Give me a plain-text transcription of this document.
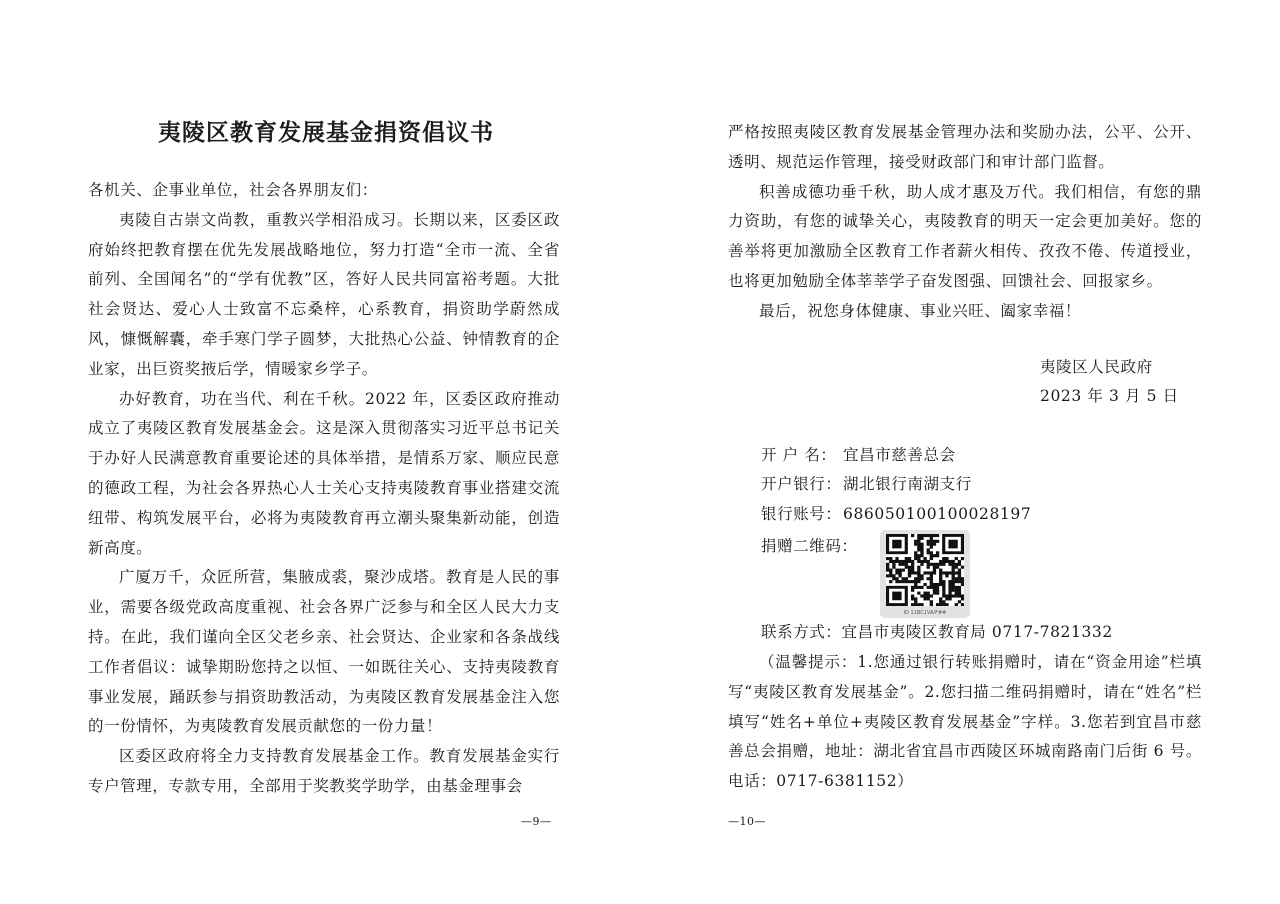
夷陵区教育发展基金捐资倡议书

各机关、企事业单位，社会各界朋友们：

夷陵自古崇文尚教，重教兴学相沿成习。长期以来，区委区政府始终把教育摆在优先发展战略地位，努力打造“全市一流、全省前列、全国闻名”的“学有优教”区，答好人民共同富裕考题。大批社会贤达、爱心人士致富不忘桑梓，心系教育，捐资助学蔚然成风，慷慨解囊，牵手寒门学子圆梦，大批热心公益、钟情教育的企业家，出巨资奖掖后学，情暖家乡学子。

办好教育，功在当代、利在千秋。2022 年，区委区政府推动成立了夷陵区教育发展基金会。这是深入贯彻落实习近平总书记关于办好人民满意教育重要论述的具体举措，是情系万家、顺应民意的德政工程，为社会各界热心人士关心支持夷陵教育事业搭建交流纽带、构筑发展平台，必将为夷陵教育再立潮头聚集新动能，创造新高度。

广厦万千，众匠所营，集腋成裘，聚沙成塔。教育是人民的事业，需要各级党政高度重视、社会各界广泛参与和全区人民大力支持。在此，我们谨向全区父老乡亲、社会贤达、企业家和各条战线工作者倡议：诚挚期盼您持之以恒、一如既往关心、支持夷陵教育事业发展，踊跃参与捐资助教活动，为夷陵区教育发展基金注入您的一份情怀，为夷陵教育发展贡献您的一份力量！

区委区政府将全力支持教育发展基金工作。教育发展基金实行专户管理，专款专用，全部用于奖教奖学助学，由基金理事会

—9—

严格按照夷陵区教育发展基金管理办法和奖励办法，公平、公开、透明、规范运作管理，接受财政部门和审计部门监督。

积善成德功垂千秋，助人成才惠及万代。我们相信，有您的鼎力资助，有您的诚挚关心，夷陵教育的明天一定会更加美好。您的善举将更加激励全区教育工作者薪火相传、孜孜不倦、传道授业，也将更加勉励全体莘莘学子奋发图强、回馈社会、回报家乡。

最后，祝您身体健康、事业兴旺、阖家幸福！

夷陵区人民政府
2023 年 3 月 5 日
开 户 名： 宜昌市慈善总会
开户银行：湖北银行南湖支行
银行账号：686050100100028197
捐赠二维码：
ID 11BC1VA/F##
联系方式：宜昌市夷陵区教育局 0717-7821332

（温馨提示：1.您通过银行转账捐赠时，请在“资金用途”栏填写“夷陵区教育发展基金”。2.您扫描二维码捐赠时，请在“姓名”栏填写“姓名+单位+夷陵区教育发展基金”字样。3.您若到宜昌市慈善总会捐赠，地址：湖北省宜昌市西陵区环城南路南门后街 6 号。电话：0717-6381152）

—10—
